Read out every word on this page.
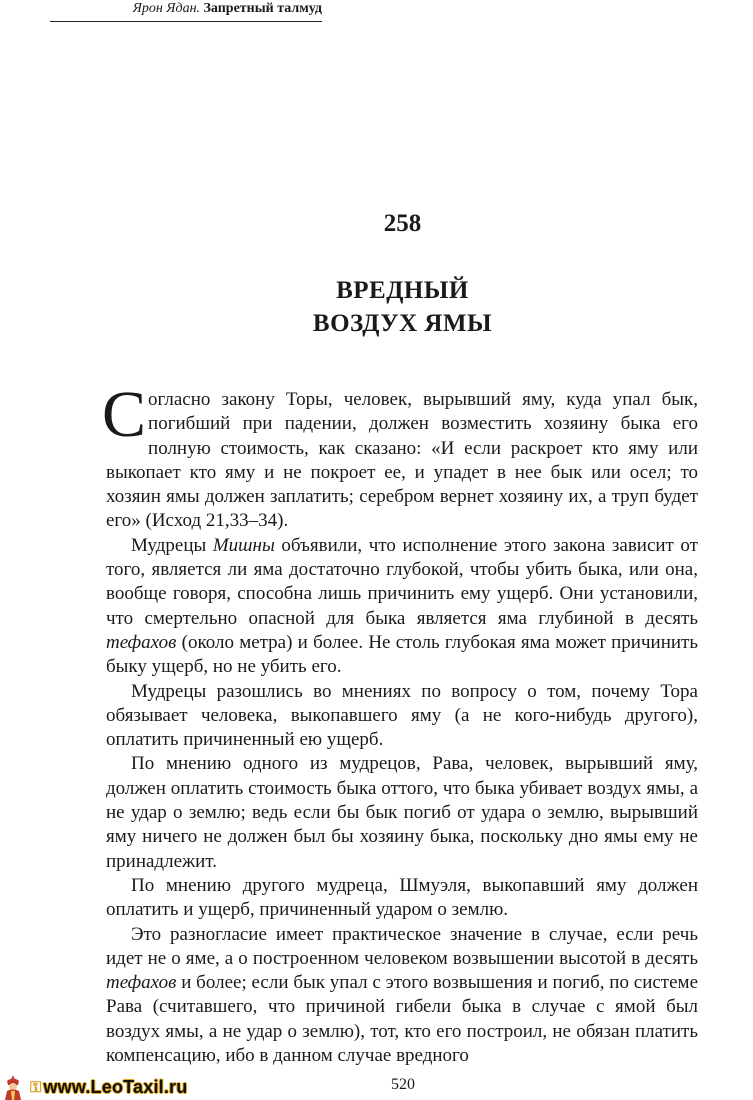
Ярон Ядан. Запретный талмуд
258
ВРЕДНЫЙ
ВОЗДУХ ЯМЫ

Согласно закону Торы, человек, вырывший яму, куда упал бык, погибший при падении, должен возместить хозяину быка его полную стоимость, как сказано: «И если раскроет кто яму или выкопает кто яму и не покроет ее, и упадет в нее бык или осел; то хозяин ямы должен заплатить; серебром вернет хозяину их, а труп будет его» (Исход 21,33–34).

Мудрецы Мишны объявили, что исполнение этого закона зависит от того, является ли яма достаточно глубокой, чтобы убить быка, или она, вообще говоря, способна лишь причинить ему ущерб. Они установили, что смертельно опасной для быка является яма глубиной в десять тефахов (около метра) и более. Не столь глубокая яма может причинить быку ущерб, но не убить его.

Мудрецы разошлись во мнениях по вопросу о том, почему Тора обязывает человека, выкопавшего яму (а не кого-нибудь другого), оплатить причиненный ею ущерб.

По мнению одного из мудрецов, Рава, человек, вырывший яму, должен оплатить стоимость быка оттого, что быка убивает воздух ямы, а не удар о землю; ведь если бы бык погиб от удара о землю, вырывший яму ничего не должен был бы хозяину быка, поскольку дно ямы ему не принадлежит.

По мнению другого мудреца, Шмуэля, выкопавший яму должен оплатить и ущерб, причиненный ударом о землю.

Это разногласие имеет практическое значение в случае, если речь идет не о яме, а о построенном человеком возвышении высотой в десять тефахов и более; если бык упал с этого возвышения и погиб, по системе Рава (считавшего, что причиной гибели быка в случае с ямой был воздух ямы, а не удар о землю), тот, кто его построил, не обязан платить компенсацию, ибо в данном случае вредного

520
⚿ www.LeoTaxil.ru
